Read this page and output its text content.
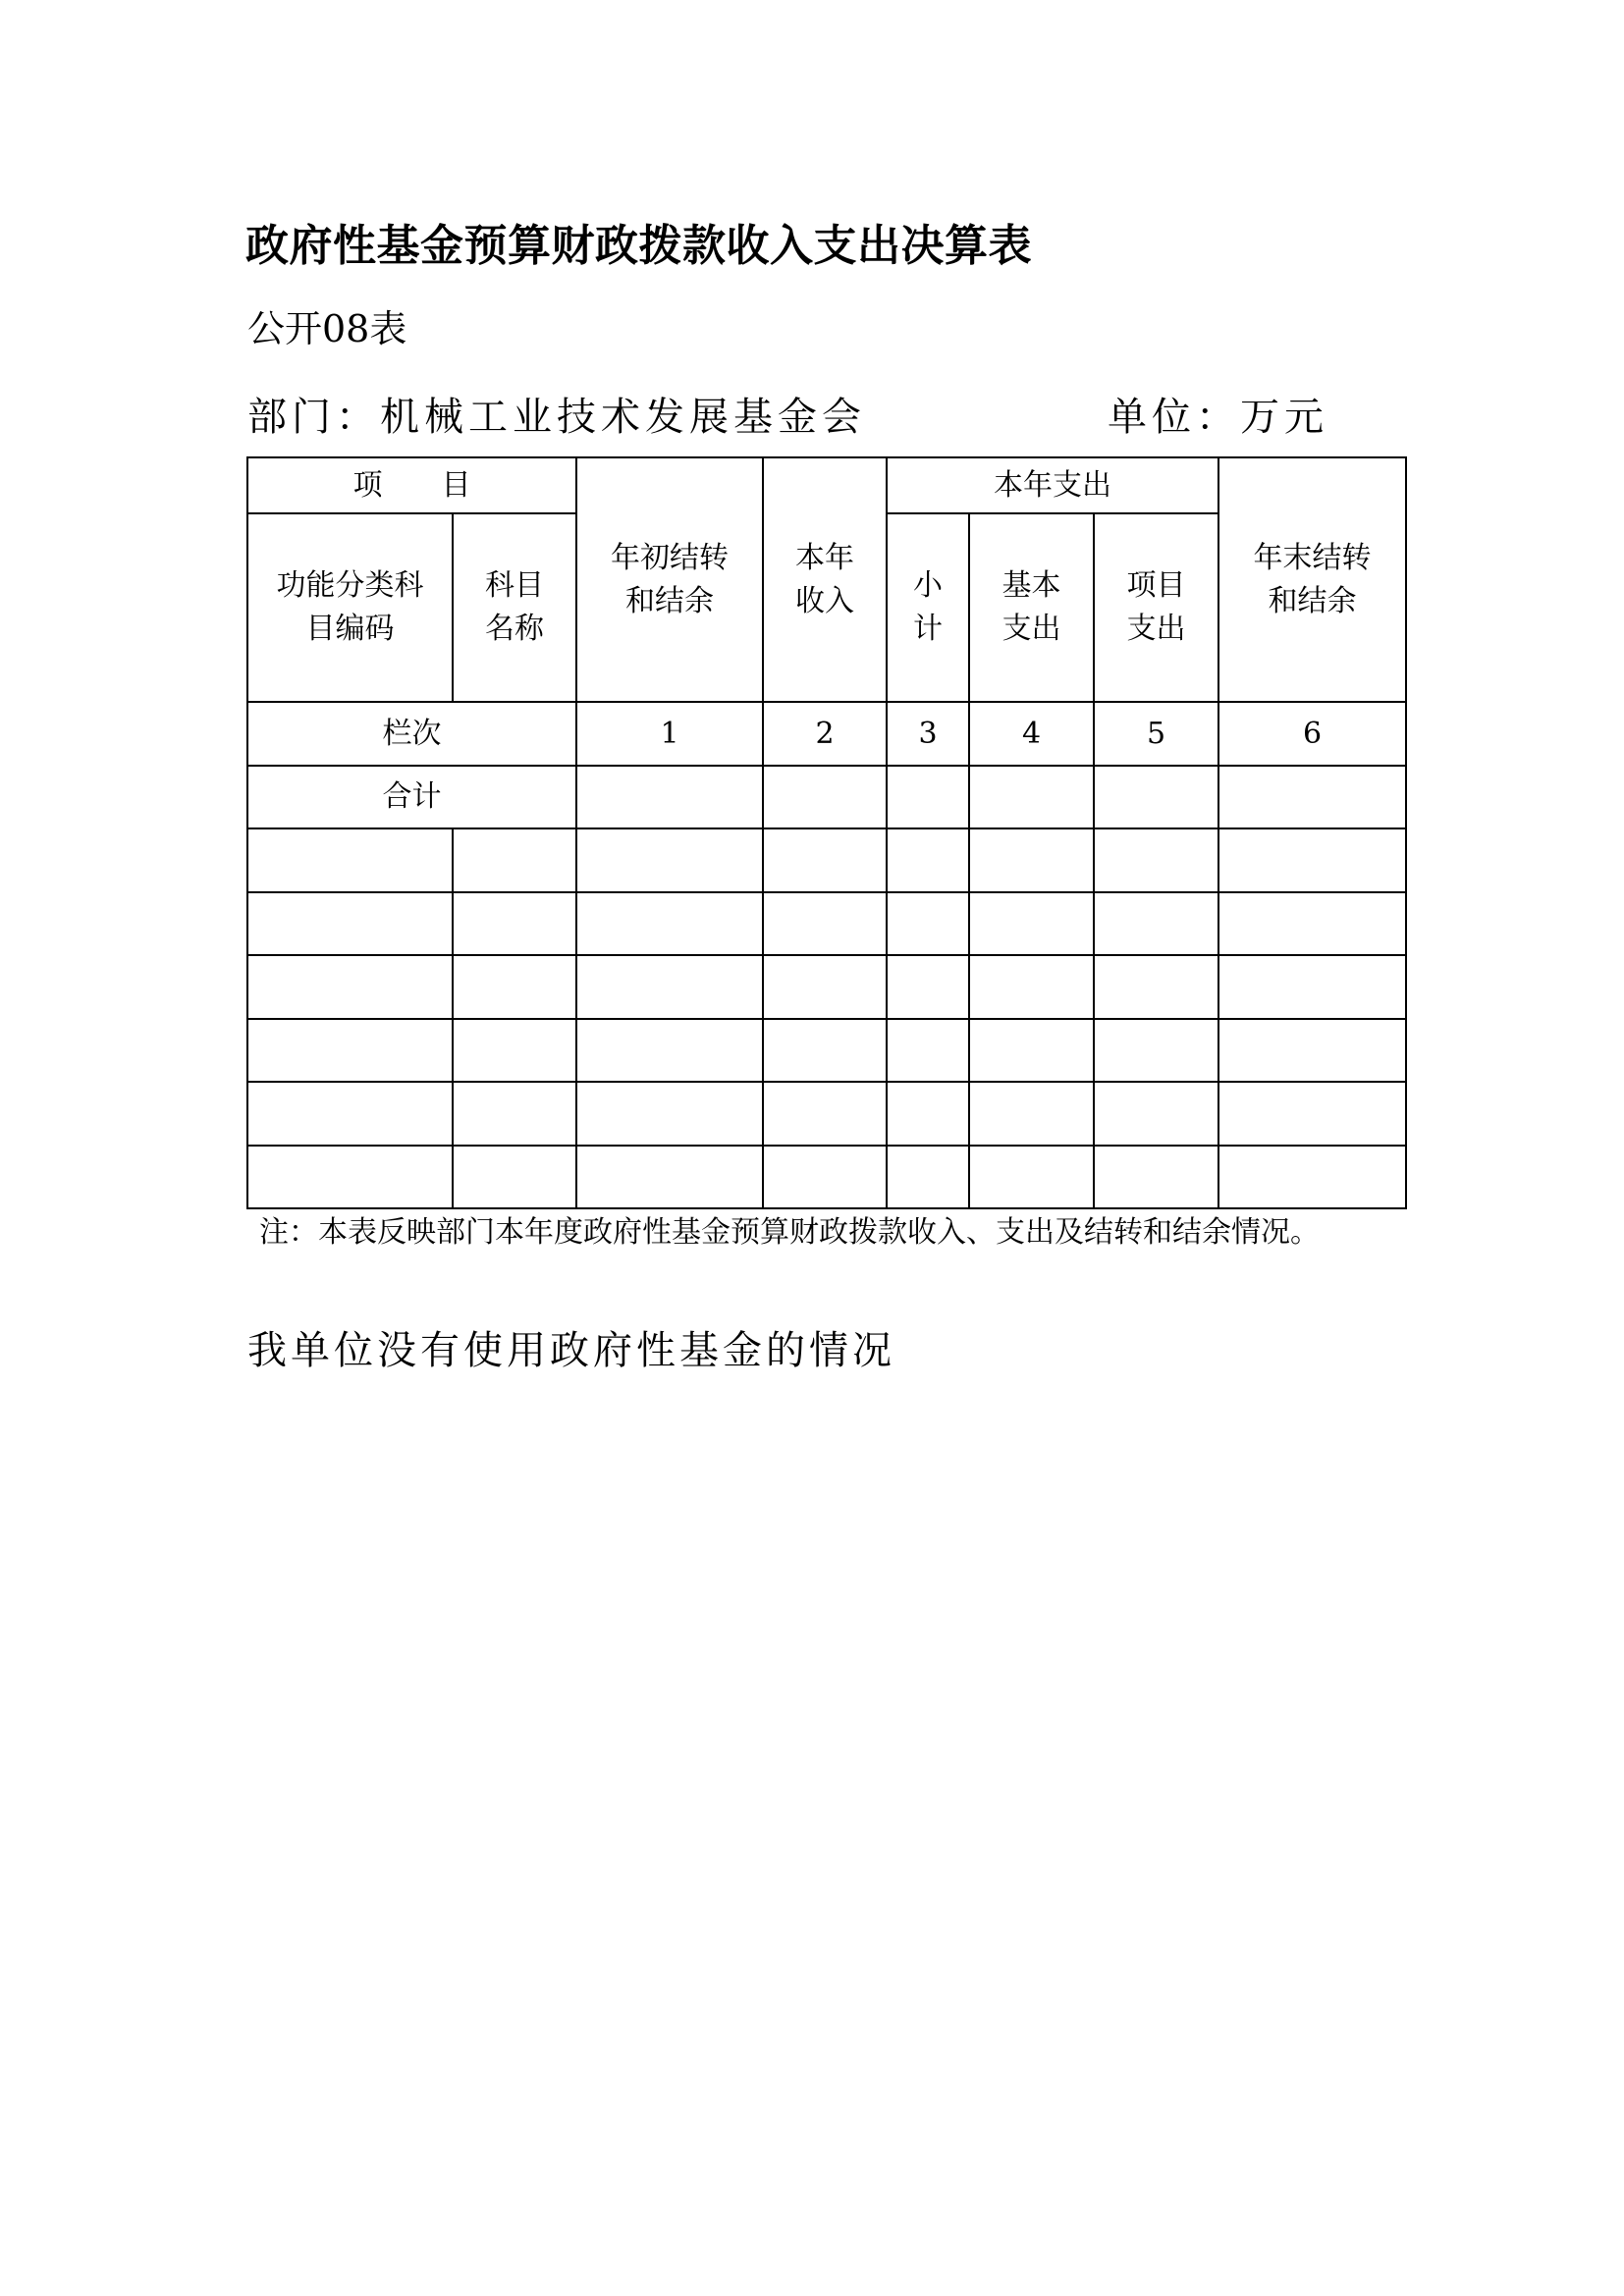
政府性基金预算财政拨款收入支出决算表
公开08表
部门：机械工业技术发展基金会	单位：万元
项　　目		年初结转和结余	本年收入	本年支出			年末结转和结余

功能分类科目编码	科目名称			小计	基本支出	项目支出	

栏次		1	2	3	4	5	6
合计							

注：本表反映部门本年度政府性基金预算财政拨款收入、支出及结转和结余情况。
我单位没有使用政府性基金的情况
